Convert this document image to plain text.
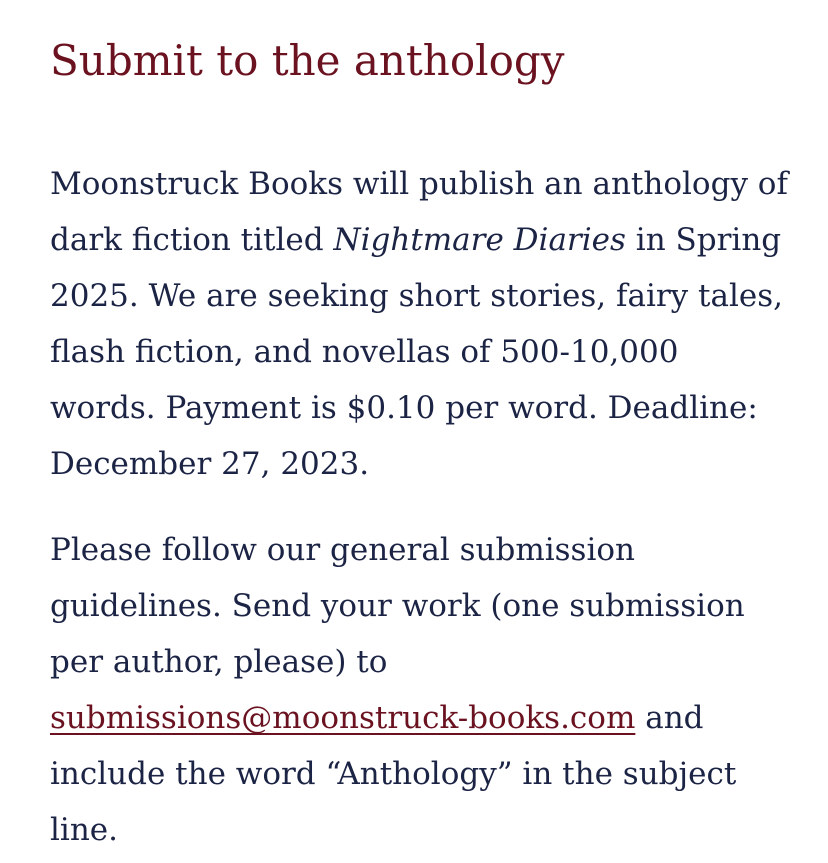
Submit to the anthology

Moonstruck Books will publish an anthology of dark fiction titled Nightmare Diaries in Spring 2025. We are seeking short stories, fairy tales, flash fiction, and novellas of 500-10,000 words. Payment is $0.10 per word. Deadline: December 27, 2023.

Please follow our general submission guidelines. Send your work (one submission per author, please) to submissions@moonstruck-books.com and include the word “Anthology” in the subject line.
